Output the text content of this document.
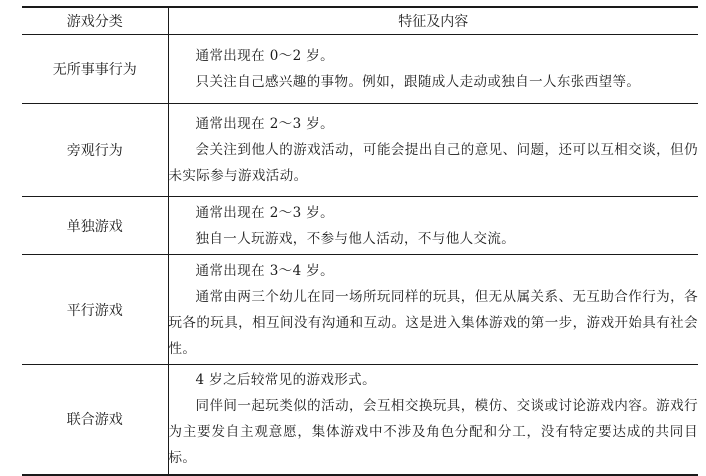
游戏分类	特征及内容
无所事事行为	通常出现在 0～2 岁。
只关注自己感兴趣的事物。例如，跟随成人走动或独自一人东张西望等。

旁观行为	通常出现在 2～3 岁。
会关注到他人的游戏活动，可能会提出自己的意见、问题，还可以互相交谈，但仍未实际参与游戏活动。

单独游戏	通常出现在 2～3 岁。
独自一人玩游戏，不参与他人活动，不与他人交流。

平行游戏	通常出现在 3～4 岁。
通常由两三个幼儿在同一场所玩同样的玩具，但无从属关系、无互助合作行为，各玩各的玩具，相互间没有沟通和互动。这是进入集体游戏的第一步，游戏开始具有社会性。

联合游戏	4 岁之后较常见的游戏形式。
同伴间一起玩类似的活动，会互相交换玩具，模仿、交谈或讨论游戏内容。游戏行为主要发自主观意愿，集体游戏中不涉及角色分配和分工，没有特定要达成的共同目标。
